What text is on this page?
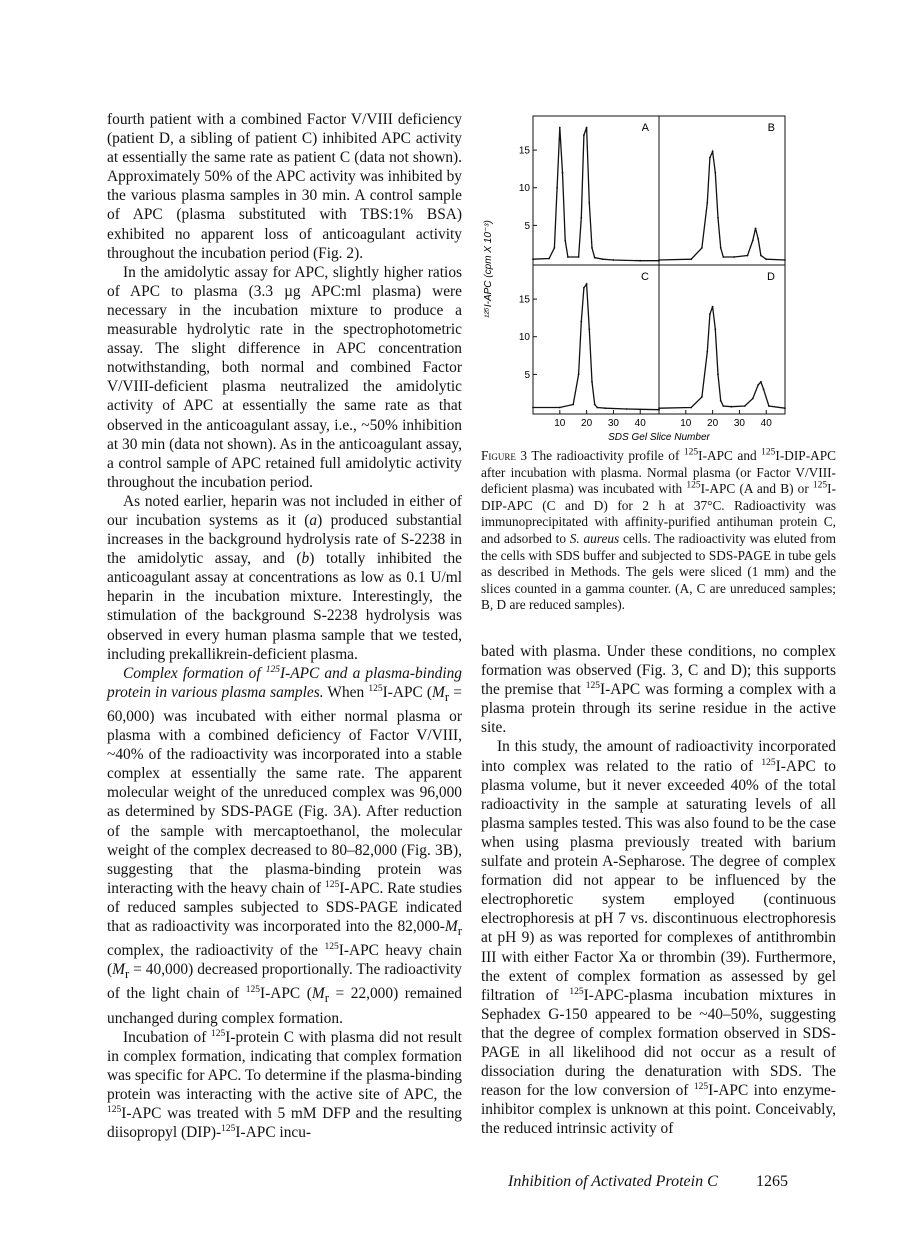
fourth patient with a combined Factor V/VIII deficiency (patient D, a sibling of patient C) inhibited APC activity at essentially the same rate as patient C (data not shown). Approximately 50% of the APC activity was inhibited by the various plasma samples in 30 min. A control sample of APC (plasma substituted with TBS:1% BSA) exhibited no apparent loss of anticoagulant activity throughout the incubation period (Fig. 2).

In the amidolytic assay for APC, slightly higher ratios of APC to plasma (3.3 µg APC:ml plasma) were necessary in the incubation mixture to produce a measurable hydrolytic rate in the spectrophotometric assay. The slight difference in APC concentration notwithstanding, both normal and combined Factor V/VIII-deficient plasma neutralized the amidolytic activity of APC at essentially the same rate as that observed in the anticoagulant assay, i.e., ~50% inhibition at 30 min (data not shown). As in the anticoagulant assay, a control sample of APC retained full amidolytic activity throughout the incubation period.

As noted earlier, heparin was not included in either of our incubation systems as it (a) produced substantial increases in the background hydrolysis rate of S-2238 in the amidolytic assay, and (b) totally inhibited the anticoagulant assay at concentrations as low as 0.1 U/ml heparin in the incubation mixture. Interestingly, the stimulation of the background S-2238 hydrolysis was observed in every human plasma sample that we tested, including prekallikrein-deficient plasma.

Complex formation of $^{125}$I-APC and a plasma-binding protein in various plasma samples. When $^{125}$I-APC $(M_r = 60,000)$ was incubated with either normal plasma or plasma with a combined deficiency of Factor V/VIII, ~40% of the radioactivity was incorporated into a stable complex at essentially the same rate. The apparent molecular weight of the unreduced complex was 96,000 as determined by SDS-PAGE (Fig. 3A). After reduction of the sample with mercaptoethanol, the molecular weight of the complex decreased to 80–82,000 (Fig. 3B), suggesting that the plasma-binding protein was interacting with the heavy chain of $^{125}$I-APC. Rate studies of reduced samples subjected to SDS-PAGE indicated that as radioactivity was incorporated into the $82,000-M_r$ complex, the radioactivity of the $^{125}$I-APC heavy chain $(M_r = 40,000)$ decreased proportionally. The radioactivity of the light chain of $^{125}$I-APC $(M_r = 22,000)$ remained unchanged during complex formation.

Incubation of $^{125}$I-protein C with plasma did not result in complex formation, indicating that complex formation was specific for APC. To determine if the plasma-binding protein was interacting with the active site of APC, the $^{125}$I-APC was treated with 5 mM DFP and the resulting diisopropyl (DIP)-$^{125}$I-APC incu-

¹²⁵I-APC (cpm X 10⁻³)
SDS Gel Slice Number
A
15
10
5
B
C
15
10
5
10 20 30 40
D
10 20 30 40
Figure 3 The radioactivity profile of $^{125}$I-APC and $^{125}$I-DIP-APC after incubation with plasma. Normal plasma (or Factor V/VIII-deficient plasma) was incubated with $^{125}$I-APC (A and B) or $^{125}$I-DIP-APC (C and D) for 2 h at 37°C. Radioactivity was immunoprecipitated with affinity-purified antihuman protein C, and adsorbed to S. aureus cells. The radioactivity was eluted from the cells with SDS buffer and subjected to SDS-PAGE in tube gels as described in Methods. The gels were sliced (1 mm) and the slices counted in a gamma counter. (A, C are unreduced samples; B, D are reduced samples).

bated with plasma. Under these conditions, no complex formation was observed (Fig. 3, C and D); this supports the premise that $^{125}$I-APC was forming a complex with a plasma protein through its serine residue in the active site.

In this study, the amount of radioactivity incorporated into complex was related to the ratio of $^{125}$I-APC to plasma volume, but it never exceeded 40% of the total radioactivity in the sample at saturating levels of all plasma samples tested. This was also found to be the case when using plasma previously treated with barium sulfate and protein A-Sepharose. The degree of complex formation did not appear to be influenced by the electrophoretic system employed (continuous electrophoresis at pH 7 vs. discontinuous electrophoresis at pH 9) as was reported for complexes of antithrombin III with either Factor Xa or thrombin (39). Furthermore, the extent of complex formation as assessed by gel filtration of $^{125}$I-APC-plasma incubation mixtures in Sephadex G-150 appeared to be ~40–50%, suggesting that the degree of complex formation observed in SDS-PAGE in all likelihood did not occur as a result of dissociation during the denaturation with SDS. The reason for the low conversion of $^{125}$I-APC into enzyme-inhibitor complex is unknown at this point. Conceivably, the reduced intrinsic activity of

Inhibition of Activated Protein C 1265
